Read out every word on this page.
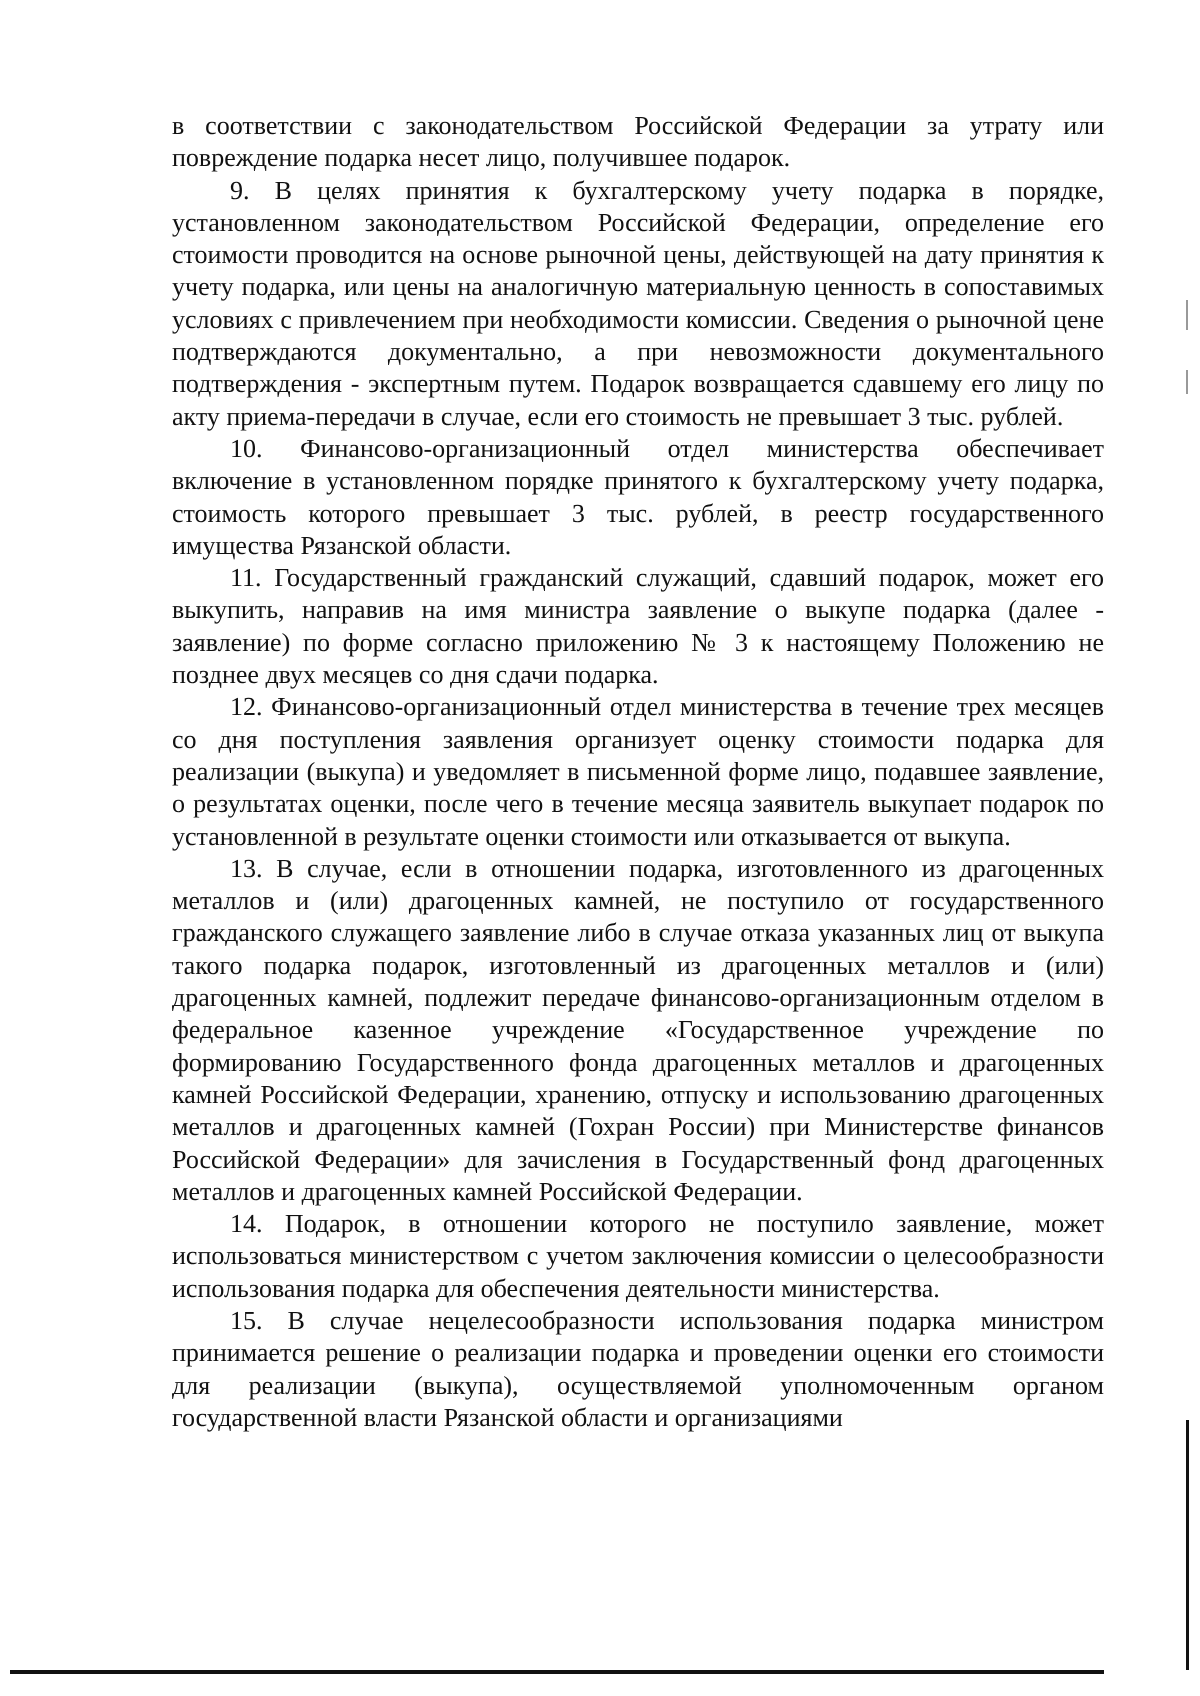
в соответствии с законодательством Российской Федерации за утрату или повреждение подарка несет лицо, получившее подарок.

9. В целях принятия к бухгалтерскому учету подарка в порядке, установленном законодательством Российской Федерации, определение его стоимости проводится на основе рыночной цены, действующей на дату принятия к учету подарка, или цены на аналогичную материальную ценность в сопоставимых условиях с привлечением при необходимости комиссии. Сведения о рыночной цене подтверждаются документально, а при невозможности документального подтверждения - экспертным путем. Подарок возвращается сдавшему его лицу по акту приема-передачи в случае, если его стоимость не превышает 3 тыс. рублей.

10. Финансово-организационный отдел министерства обеспечивает включение в установленном порядке принятого к бухгалтерскому учету подарка, стоимость которого превышает 3 тыс. рублей, в реестр государственного имущества Рязанской области.

11. Государственный гражданский служащий, сдавший подарок, может его выкупить, направив на имя министра заявление о выкупе подарка (далее - заявление) по форме согласно приложению № 3 к настоящему Положению не позднее двух месяцев со дня сдачи подарка.

12. Финансово-организационный отдел министерства в течение трех месяцев со дня поступления заявления организует оценку стоимости подарка для реализации (выкупа) и уведомляет в письменной форме лицо, подавшее заявление, о результатах оценки, после чего в течение месяца заявитель выкупает подарок по установленной в результате оценки стоимости или отказывается от выкупа.

13. В случае, если в отношении подарка, изготовленного из драгоценных металлов и (или) драгоценных камней, не поступило от государственного гражданского служащего заявление либо в случае отказа указанных лиц от выкупа такого подарка подарок, изготовленный из драгоценных металлов и (или) драгоценных камней, подлежит передаче финансово-организационным отделом в федеральное казенное учреждение «Государственное учреждение по формированию Государственного фонда драгоценных металлов и драгоценных камней Российской Федерации, хранению, отпуску и использованию драгоценных металлов и драгоценных камней (Гохран России) при Министерстве финансов Российской Федерации» для зачисления в Государственный фонд драгоценных металлов и драгоценных камней Российской Федерации.

14. Подарок, в отношении которого не поступило заявление, может использоваться министерством с учетом заключения комиссии о целесообразности использования подарка для обеспечения деятельности министерства.

15. В случае нецелесообразности использования подарка министром принимается решение о реализации подарка и проведении оценки его стоимости для реализации (выкупа), осуществляемой уполномоченным органом государственной власти Рязанской области и организациями
